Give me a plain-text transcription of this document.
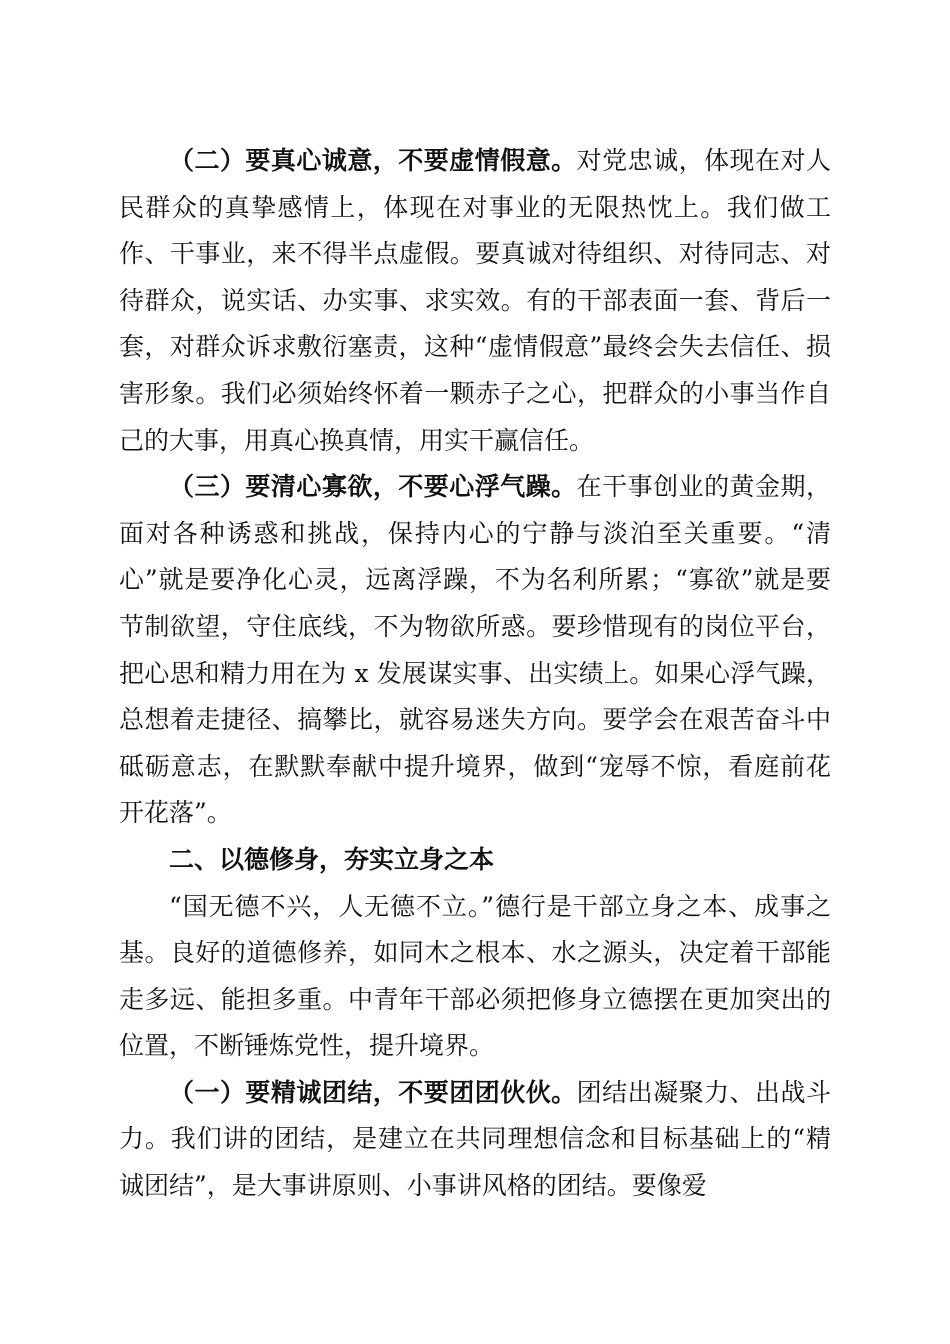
（二）要真心诚意，不要虚情假意。对党忠诚，体现在对人民群众的真挚感情上，体现在对事业的无限热忱上。我们做工作、干事业，来不得半点虚假。要真诚对待组织、对待同志、对待群众，说实话、办实事、求实效。有的干部表面一套、背后一套，对群众诉求敷衍塞责，这种“虚情假意”最终会失去信任、损害形象。我们必须始终怀着一颗赤子之心，把群众的小事当作自己的大事，用真心换真情，用实干赢信任。

（三）要清心寡欲，不要心浮气躁。在干事创业的黄金期，面对各种诱惑和挑战，保持内心的宁静与淡泊至关重要。“清心”就是要净化心灵，远离浮躁，不为名利所累；“寡欲”就是要节制欲望，守住底线，不为物欲所惑。要珍惜现有的岗位平台，把心思和精力用在为 x 发展谋实事、出实绩上。如果心浮气躁，总想着走捷径、搞攀比，就容易迷失方向。要学会在艰苦奋斗中砥砺意志，在默默奉献中提升境界，做到“宠辱不惊，看庭前花开花落”。

二、以德修身，夯实立身之本

“国无德不兴，人无德不立。”德行是干部立身之本、成事之基。良好的道德修养，如同木之根本、水之源头，决定着干部能走多远、能担多重。中青年干部必须把修身立德摆在更加突出的位置，不断锤炼党性，提升境界。

（一）要精诚团结，不要团团伙伙。团结出凝聚力、出战斗力。我们讲的团结，是建立在共同理想信念和目标基础上的“精诚团结”，是大事讲原则、小事讲风格的团结。要像爱
